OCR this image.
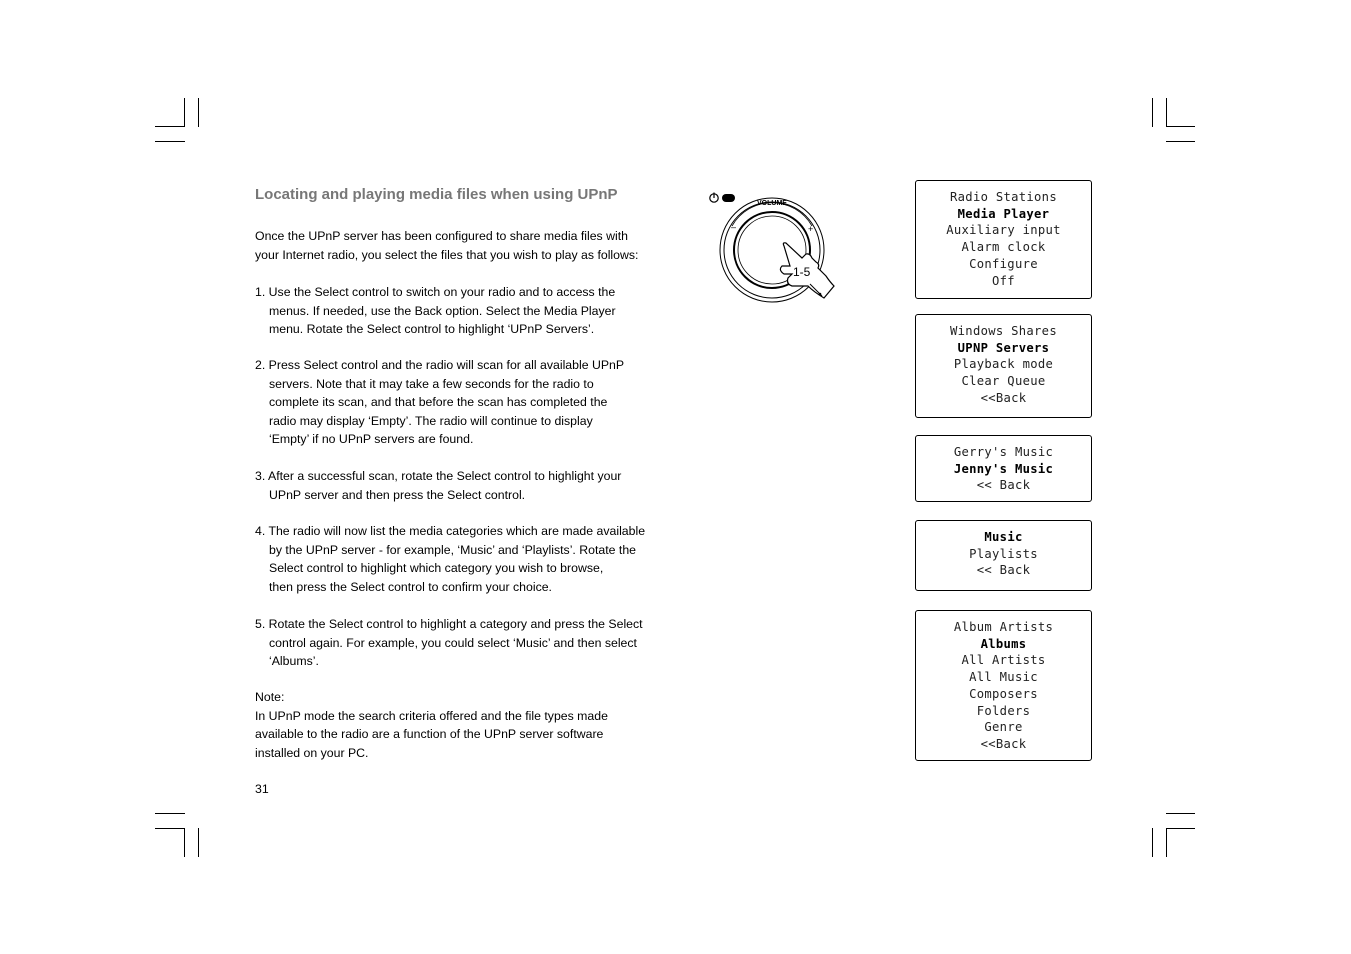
Locating and playing media files when using UPnP

Once the UPnP server has been configured to share media files with

your Internet radio, you select the files that you wish to play as follows:

1. Use the Select control to switch on your radio and to access the
menus. If needed, use the Back option. Select the Media Player
menu. Rotate the Select control to highlight ‘UPnP Servers’.
2. Press Select control and the radio will scan for all available UPnP
servers. Note that it may take a few seconds for the radio to
complete its scan, and that before the scan has completed the
radio may display ‘Empty’. The radio will continue to display
‘Empty’ if no UPnP servers are found.
3. After a successful scan, rotate the Select control to highlight your
UPnP server and then press the Select control.
4. The radio will now list the media categories which are made available
by the UPnP server - for example, ‘Music’ and ‘Playlists’. Rotate the
Select control to highlight which category you wish to browse,
then press the Select control to confirm your choice.
5. Rotate the Select control to highlight a category and press the Select
control again. For example, you could select ‘Music’ and then select
‘Albums’.

Note:

In UPnP mode the search criteria offered and the file types made

available to the radio are a function of the UPnP server software

installed on your PC.

31
VOLUME
–	+
1-5
Radio Stations
Media Player
Auxiliary input
Alarm clock
Configure
Off
Windows Shares
UPNP Servers
Playback mode
Clear Queue
<<Back
Gerry's Music
Jenny's Music
<< Back
Music
Playlists
<< Back
Album Artists
Albums
All Artists
All Music
Composers
Folders
Genre
<<Back
